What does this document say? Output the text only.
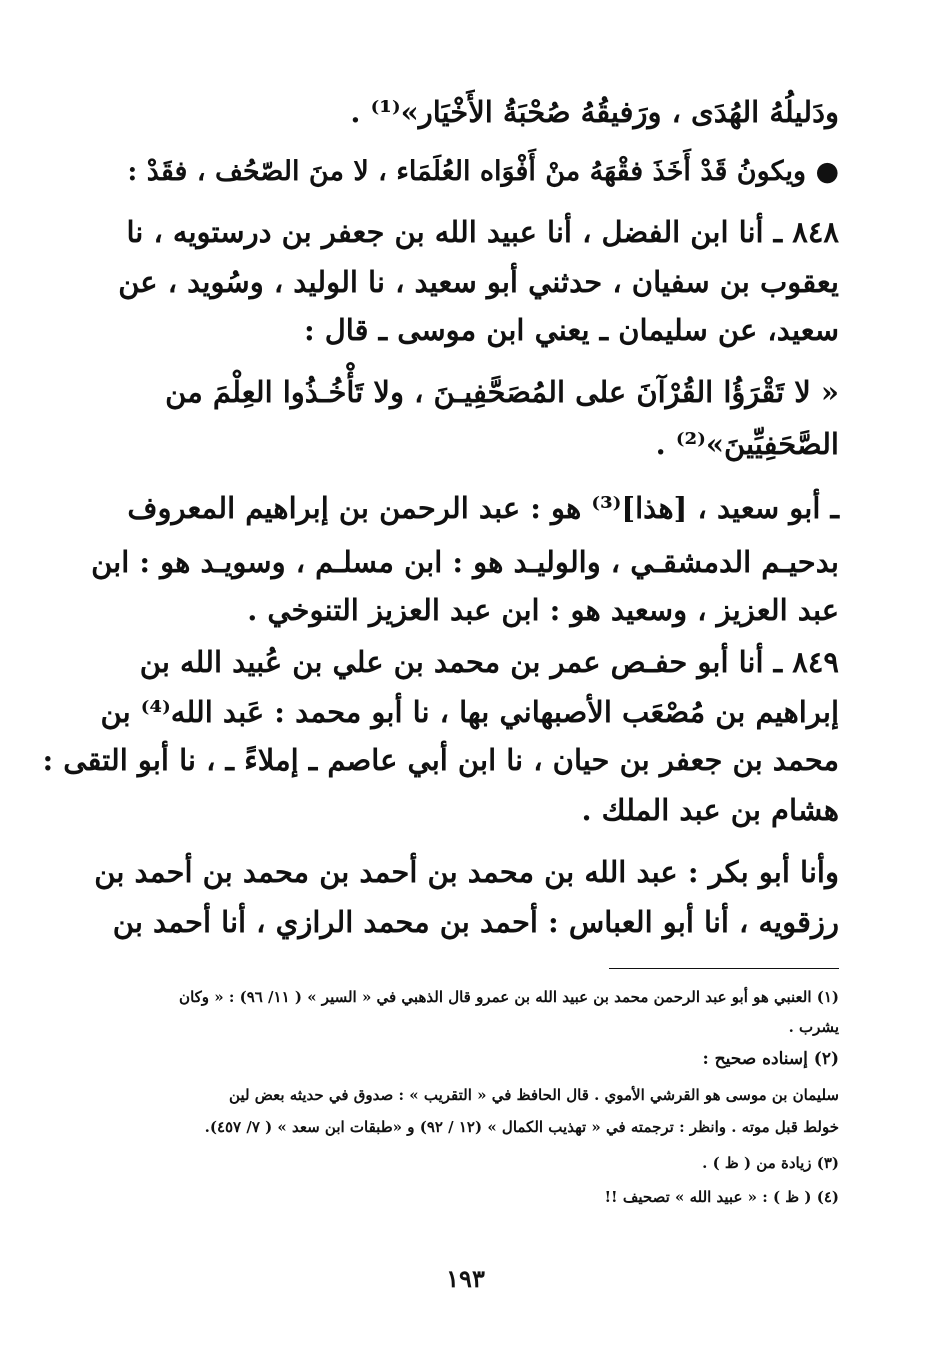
ودَليلُهُ الهُدَى ، ورَفيقُهُ صُحْبَةُ الأَخْيَار»⁽¹⁾ .
● ويكونُ قَدْ أَخَذَ فقْهَهُ منْ أَفْوَاه العُلَمَاء ، لا منَ الصّحُف ، فقَدْ :
٨٤٨ ـ أنا ابن الفضل ، أنا عبيد الله بن جعفر بن درستويه ، نا
يعقوب بن سفيان ، حدثني أبو سعيد ، نا الوليد ، وسُويد ، عن
سعيد، عن سليمان ـ يعني ابن موسى ـ قال :
« لا تَقْرَؤُا القُرْآنَ على المُصَحَّفِيـنَ ، ولا تَأْخُـذُوا العِلْمَ من
الصَّحَفِيِّينَ»⁽²⁾ .
ـ أبو سعيد ، [هذا]⁽³⁾ هو : عبد الرحمن بن إبراهيم المعروف
بدحيـم الدمشقـي ، والوليـد هو : ابن مسلـم ، وسويـد هو : ابن
عبد العزيز ، وسعيد هو : ابن عبد العزيز التنوخي .
٨٤٩ ـ أنا أبو حفـص عمر بن محمد بن علي بن عُبيد الله بن
إبراهيم بن مُصْعَب الأصبهاني بها ، نا أبو محمد : عَبد الله⁽⁴⁾ بن
محمد بن جعفر بن حيان ، نا ابن أبي عاصم ـ إملاءً ـ ، نا أبو التقى :
هشام بن عبد الملك .
وأنا أبو بكر : عبد الله بن محمد بن أحمد بن محمد بن أحمد بن
رزقويه ، أنا أبو العباس : أحمد بن محمد الرازي ، أنا أحمد بن
(١) العنبي هو أبو عبد الرحمن محمد بن عبيد الله بن عمرو قال الذهبي في « السير » ( ١١/ ٩٦) : « وكان
يشرب .
(٢) إسناده صحيح :
سليمان بن موسى هو القرشي الأموي . قال الحافظ في « التقريب » : صدوق في حديثه بعض لين
خولط قبل موته . وانظر : ترجمته في « تهذيب الكمال » (١٢ / ٩٢) و «طبقات ابن سعد » ( ٧/ ٤٥٧).
(٣) زيادة من ( ظ ) .
(٤) ( ظ ) : « عبيد الله » تصحيف !!
١٩٣
